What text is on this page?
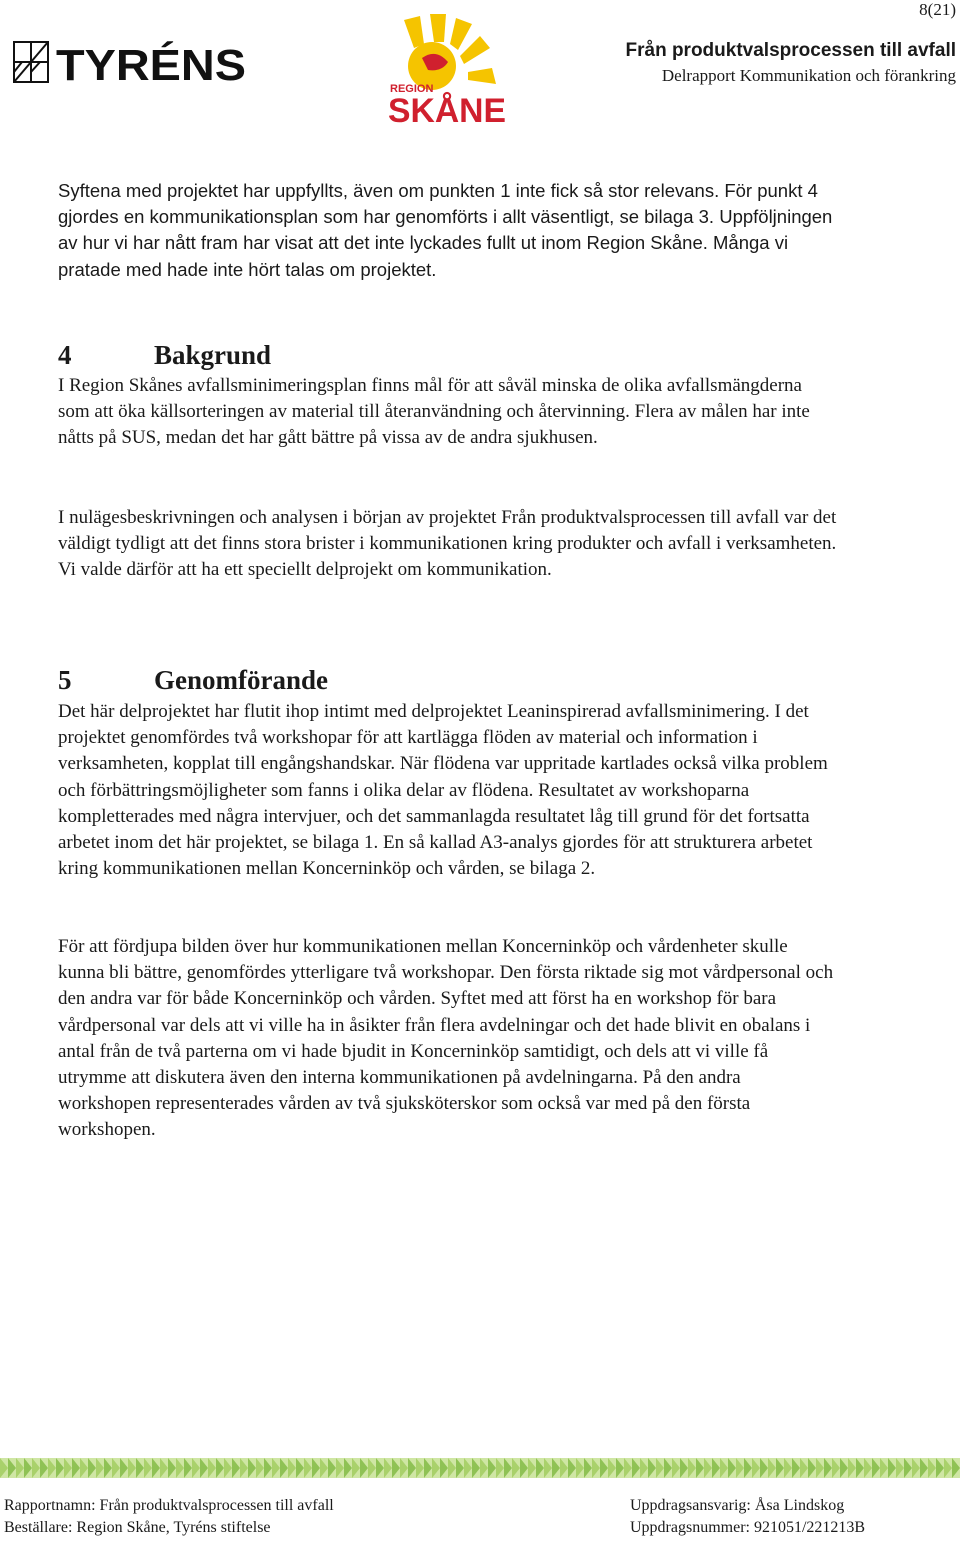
8(21)
TYRÉNS	REGION
SKÅNE
Från produktvalsprocessen till avfall
Delrapport Kommunikation och förankring

Syftena med projektet har uppfyllts, även om punkten 1 inte fick så stor relevans. För punkt 4 gjordes en kommunikationsplan som har genomförts i allt väsentligt, se bilaga 3. Uppföljningen av hur vi har nått fram har visat att det inte lyckades fullt ut inom Region Skåne. Många vi pratade med hade inte hört talas om projektet.

4	Bakgrund

I Region Skånes avfallsminimeringsplan finns mål för att såväl minska de olika avfallsmängderna som att öka källsorteringen av material till återanvändning och återvinning. Flera av målen har inte nåtts på SUS, medan det har gått bättre på vissa av de andra sjukhusen.

I nulägesbeskrivningen och analysen i början av projektet Från produktvalsprocessen till avfall var det väldigt tydligt att det finns stora brister i kommunikationen kring produkter och avfall i verksamheten. Vi valde därför att ha ett speciellt delprojekt om kommunikation.

5	Genomförande

Det här delprojektet har flutit ihop intimt med delprojektet Leaninspirerad avfallsminimering. I det projektet genomfördes två workshopar för att kartlägga flöden av material och information i verksamheten, kopplat till engångshandskar. När flödena var uppritade kartlades också vilka problem och förbättringsmöjligheter som fanns i olika delar av flödena. Resultatet av workshoparna kompletterades med några intervjuer, och det sammanlagda resultatet låg till grund för det fortsatta arbetet inom det här projektet, se bilaga 1. En så kallad A3-analys gjordes för att strukturera arbetet kring kommunikationen mellan Koncerninköp och vården, se bilaga 2.

För att fördjupa bilden över hur kommunikationen mellan Koncerninköp och vårdenheter skulle kunna bli bättre, genomfördes ytterligare två workshopar. Den första riktade sig mot vårdpersonal och den andra var för både Koncerninköp och vården. Syftet med att först ha en workshop för bara vårdpersonal var dels att vi ville ha in åsikter från flera avdelningar och det hade blivit en obalans i antal från de två parterna om vi hade bjudit in Koncerninköp samtidigt, och dels att vi ville få utrymme att diskutera även den interna kommunikationen på avdelningarna. På den andra workshopen representerades vården av två sjuksköterskor som också var med på den första workshopen.

Rapportnamn: Från produktvalsprocessen till avfall
Beställare: Region Skåne, Tyréns stiftelse
Uppdragsansvarig: Åsa Lindskog
Uppdragsnummer: 921051/221213B
